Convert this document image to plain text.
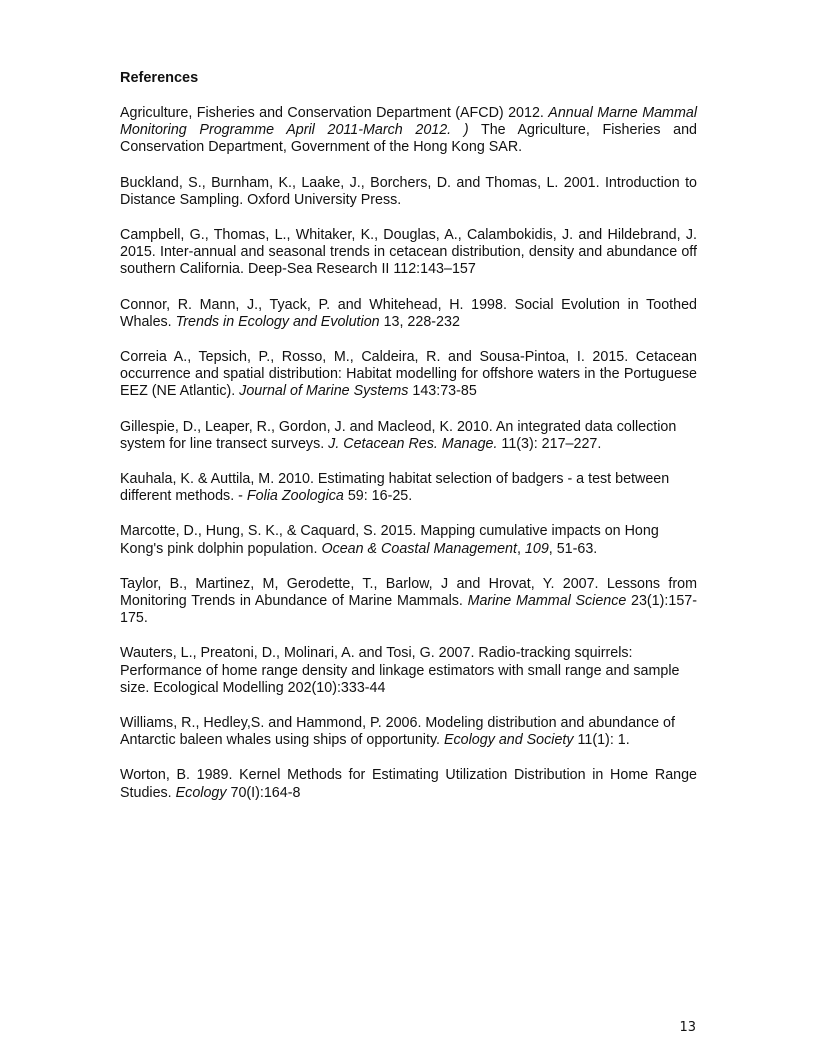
References

Agriculture, Fisheries and Conservation Department (AFCD) 2012. Annual Marne Mammal Monitoring Programme April 2011-March 2012. ) The Agriculture, Fisheries and Conservation Department, Government of the Hong Kong SAR.

Buckland, S., Burnham, K., Laake, J., Borchers, D. and Thomas, L. 2001. Introduction to Distance Sampling. Oxford University Press.

Campbell, G., Thomas, L., Whitaker, K., Douglas, A., Calambokidis, J. and Hildebrand, J. 2015. Inter-annual and seasonal trends in cetacean distribution, density and abundance off southern California. Deep-Sea Research II 112:143–157

Connor, R. Mann, J., Tyack, P. and Whitehead, H. 1998. Social Evolution in Toothed Whales. Trends in Ecology and Evolution 13, 228-232

Correia A., Tepsich, P., Rosso, M., Caldeira, R. and Sousa-Pintoa, I. 2015. Cetacean occurrence and spatial distribution: Habitat modelling for offshore waters in the Portuguese EEZ (NE Atlantic). Journal of Marine Systems 143:73-85

Gillespie, D., Leaper, R., Gordon, J. and Macleod, K. 2010. An integrated data collection system for line transect surveys. J. Cetacean Res. Manage. 11(3): 217–227.

Kauhala, K. & Auttila, M. 2010. Estimating habitat selection of badgers - a test between different methods. - Folia Zoologica 59: 16-25.

Marcotte, D., Hung, S. K., & Caquard, S. 2015. Mapping cumulative impacts on Hong Kong's pink dolphin population. Ocean & Coastal Management, 109, 51-63.

Taylor, B., Martinez, M, Gerodette, T., Barlow, J and Hrovat, Y. 2007. Lessons from Monitoring Trends in Abundance of Marine Mammals. Marine Mammal Science 23(1):157-175.

Wauters, L., Preatoni, D., Molinari, A. and Tosi, G. 2007. Radio-tracking squirrels: Performance of home range density and linkage estimators with small range and sample size. Ecological Modelling 202(10):333-44

Williams, R., Hedley,S. and Hammond, P. 2006. Modeling distribution and abundance of Antarctic baleen whales using ships of opportunity. Ecology and Society 11(1): 1.

Worton, B. 1989. Kernel Methods for Estimating Utilization Distribution in Home Range Studies. Ecology 70(I):164-8

13
